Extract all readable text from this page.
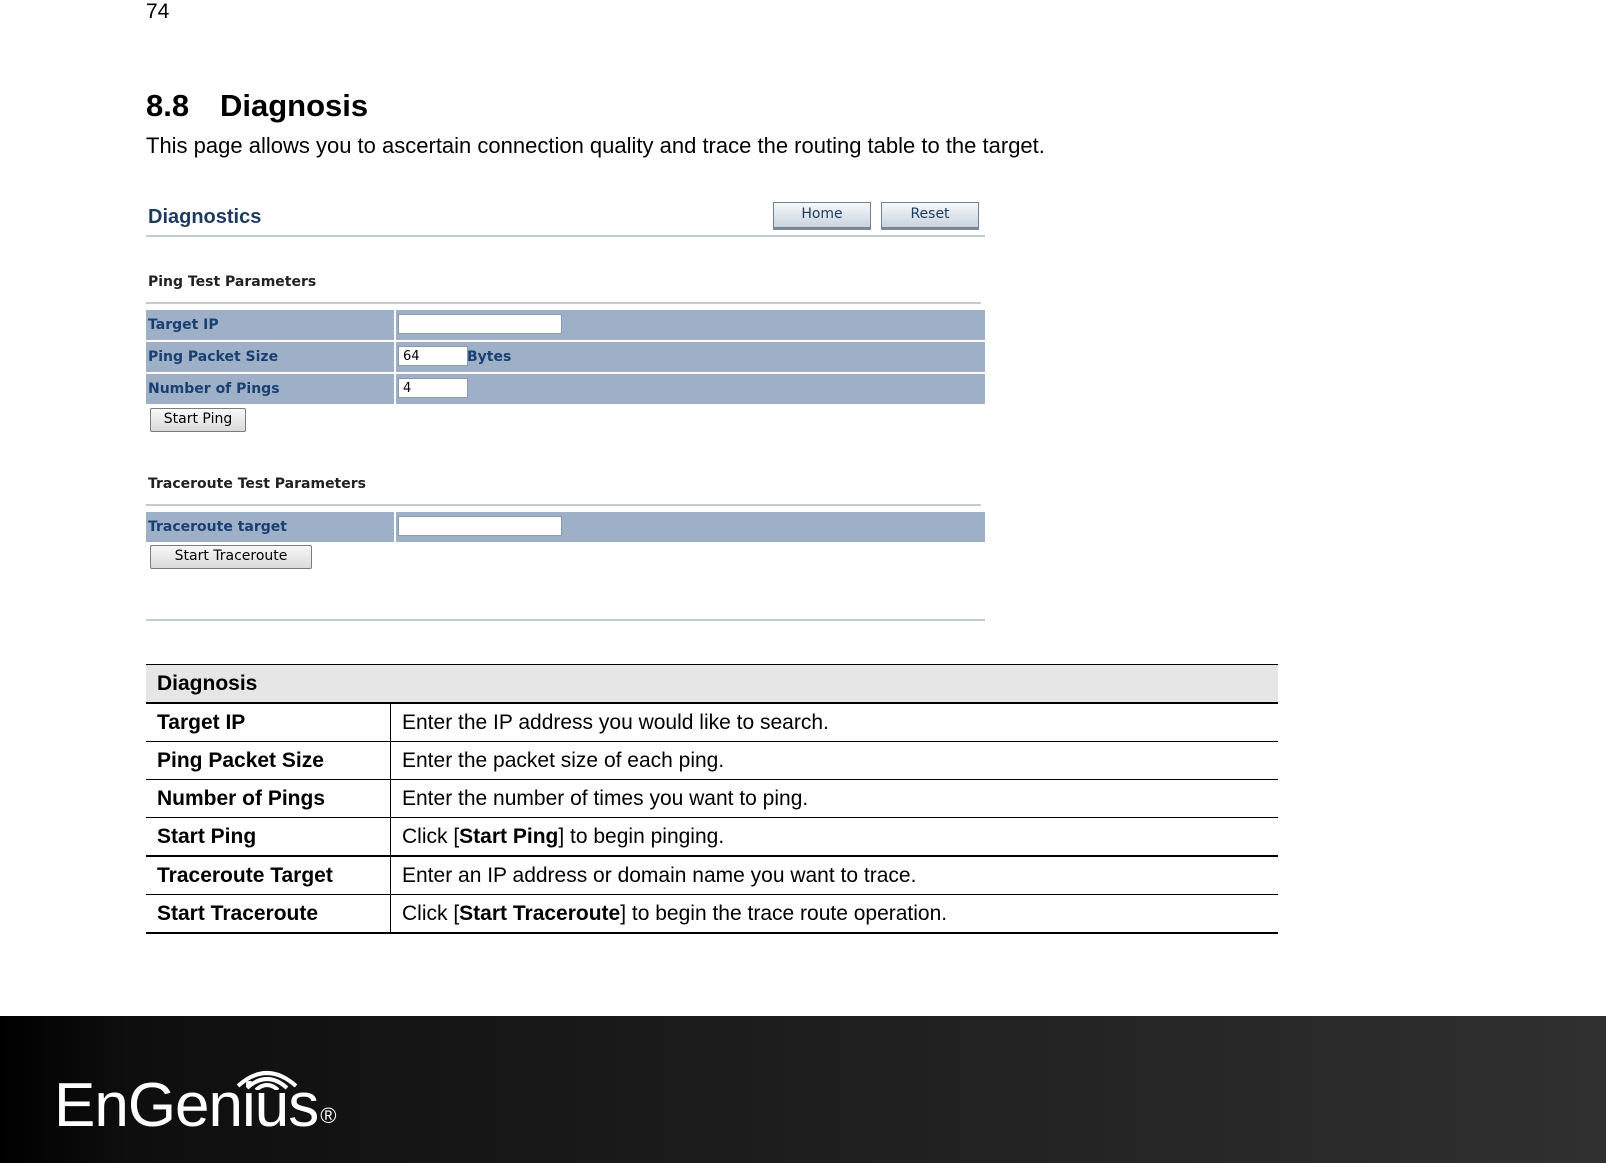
74
8.8 Diagnosis

This page allows you to ascertain connection quality and trace the routing table to the target.

Diagnostics	Home	Reset
Ping Test Parameters
Target IP
Ping Packet Size	64	Bytes
Number of Pings	4
Start Ping
Traceroute Test Parameters
Traceroute target
Start Traceroute
Diagnosis	
Target IP	Enter the IP address you would like to search.
Ping Packet Size	Enter the packet size of each ping.
Number of Pings	Enter the number of times you want to ping.
Start Ping	Click [Start Ping] to begin pinging.
Traceroute Target	Enter an IP address or domain name you want to trace.
Start Traceroute	Click [Start Traceroute] to begin the trace route operation.
EnGenius®
